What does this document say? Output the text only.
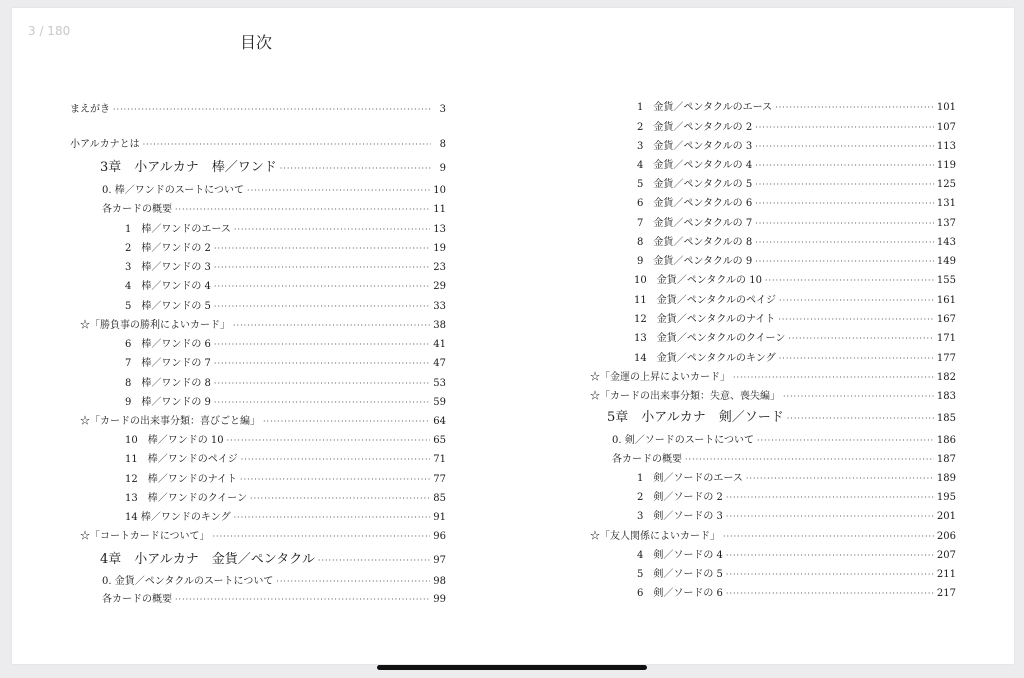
3 / 180
目次
まえがき ·····	3
小アルカナとは ·····	8
3章　小アルカナ　棒／ワンド ·····	9
0. 棒／ワンドのスートについて ·····	10
各カードの概要 ·····	11
1　棒／ワンドのエース ·····	13
2　棒／ワンドの 2 ·····	19
3　棒／ワンドの 3 ·····	23
4　棒／ワンドの 4 ·····	29
5　棒／ワンドの 5 ·····	33
☆「勝負事の勝利によいカード」 ·····	38
6　棒／ワンドの 6 ·····	41
7　棒／ワンドの 7 ·····	47
8　棒／ワンドの 8 ·····	53
9　棒／ワンドの 9 ·····	59
☆「カードの出来事分類：喜びごと編」 ·····	64
10　棒／ワンドの 10 ·····	65
11　棒／ワンドのペイジ ·····	71
12　棒／ワンドのナイト ·····	77
13　棒／ワンドのクイーン ·····	85
14 棒／ワンドのキング ·····	91
☆「コートカードについて」 ·····	96
4章　小アルカナ　金貨／ペンタクル ·····	97
0. 金貨／ペンタクルのスートについて ·····	98
各カードの概要 ·····	99
1　金貨／ペンタクルのエース ·····	101
2　金貨／ペンタクルの 2 ·····	107
3　金貨／ペンタクルの 3 ·····	113
4　金貨／ペンタクルの 4 ·····	119
5　金貨／ペンタクルの 5 ·····	125
6　金貨／ペンタクルの 6 ·····	131
7　金貨／ペンタクルの 7 ·····	137
8　金貨／ペンタクルの 8 ·····	143
9　金貨／ペンタクルの 9 ·····	149
10　金貨／ペンタクルの 10 ·····	155
11　金貨／ペンタクルのペイジ ·····	161
12　金貨／ペンタクルのナイト ·····	167
13　金貨／ペンタクルのクイーン ·····	171
14　金貨／ペンタクルのキング ·····	177
☆「金運の上昇によいカード」 ·····	182
☆「カードの出来事分類：失意、喪失編」 ·····	183
5章　小アルカナ　剣／ソード ·····	185
0. 剣／ソードのスートについて ·····	186
各カードの概要 ·····	187
1　剣／ソードのエース ·····	189
2　剣／ソードの 2 ·····	195
3　剣／ソードの 3 ·····	201
☆「友人関係によいカード」 ·····	206
4　剣／ソードの 4 ·····	207
5　剣／ソードの 5 ·····	211
6　剣／ソードの 6 ·····	217
